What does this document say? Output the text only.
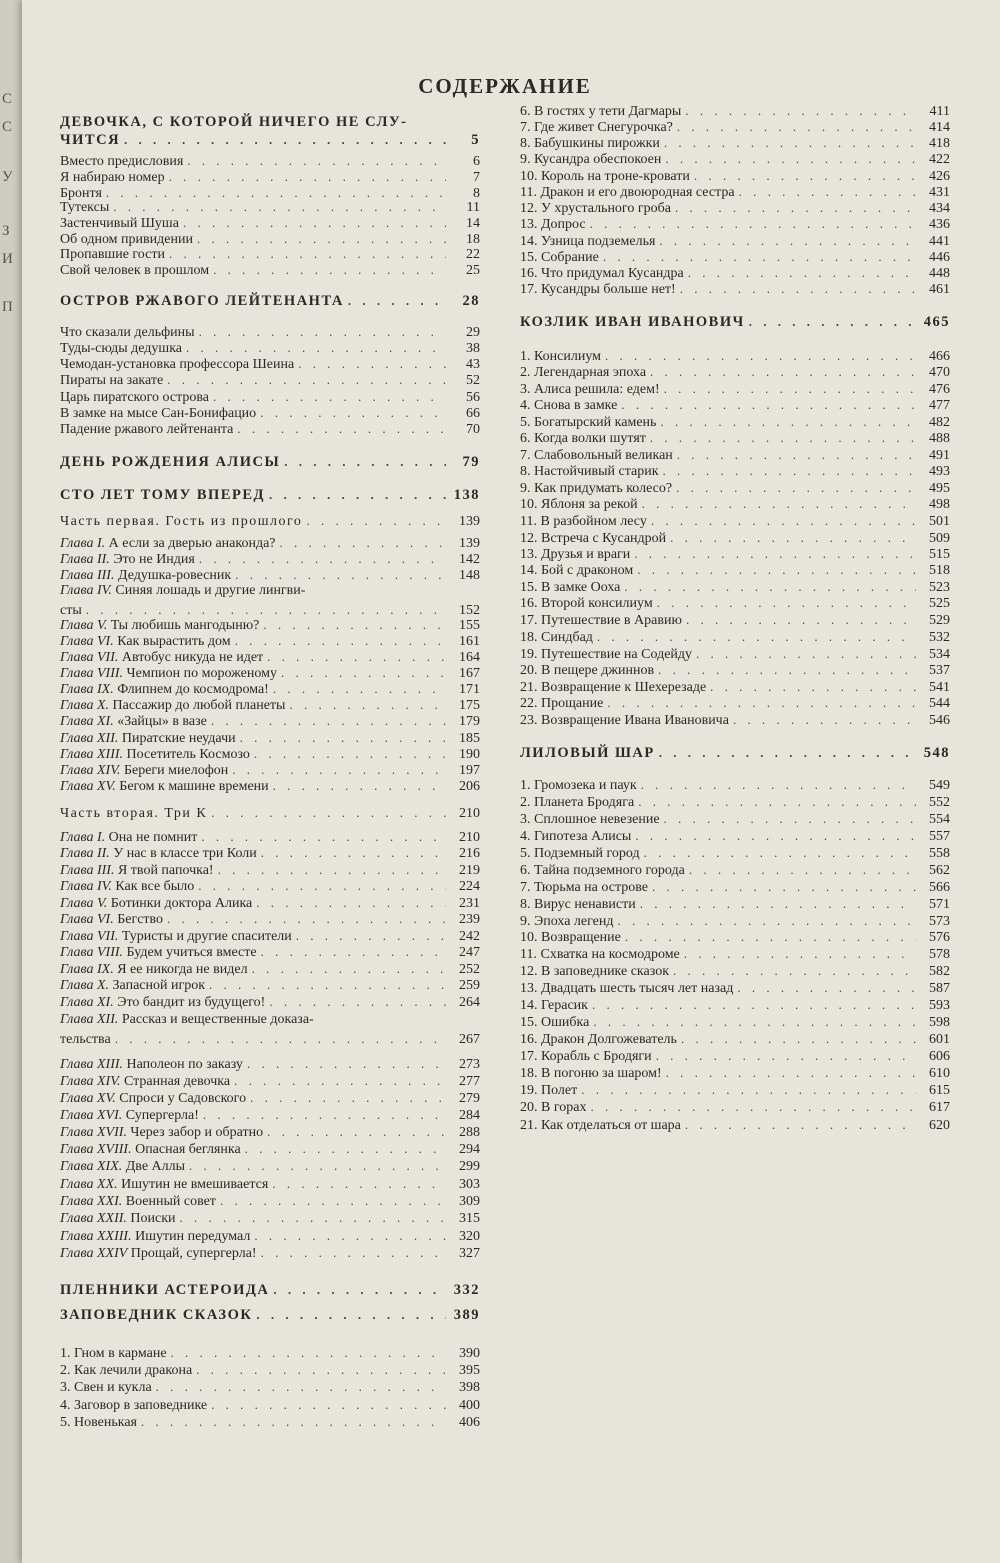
С
С
У
З
И
П
СОДЕРЖАНИЕ
ДЕВОЧКА, С КОТОРОЙ НИЧЕГО НЕ СЛУ-
ЧИТСЯ . . .	5
Вместо предисловия . . .	6
Я набираю номер . . .	7
Бронтя . . .	8
Тутексы . . .	11
Застенчивый Шуша . . .	14
Об одном привидении . . .	18
Пропавшие гости . . .	22
Свой человек в прошлом . . .	25
ОСТРОВ РЖАВОГО ЛЕЙТЕНАНТА . . .	28
Что сказали дельфины . . .	29
Туды-сюды дедушка . . .	38
Чемодан-установка профессора Шеина . . .	43
Пираты на закате . . .	52
Царь пиратского острова . . .	56
В замке на мысе Сан-Бонифацио . . .	66
Падение ржавого лейтенанта . . .	70
ДЕНЬ РОЖДЕНИЯ АЛИСЫ . . .	79
СТО ЛЕТ ТОМУ ВПЕРЕД . . .	138
Часть первая. Гость из прошлого . . .	139
Глава I. А если за дверью анаконда? . . .	139
Глава II. Это не Индия . . .	142
Глава III. Дедушка-ровесник . . .	148
Глава IV. Синяя лошадь и другие лингви-
сты . . .	152
Глава V. Ты любишь мангодыню? . . .	155
Глава VI. Как вырастить дом . . .	161
Глава VII. Автобус никуда не идет . . .	164
Глава VIII. Чемпион по мороженому . . .	167
Глава IX. Флипнем до космодрома! . . .	171
Глава X. Пассажир до любой планеты . . .	175
Глава XI. «Зайцы» в вазе . . .	179
Глава XII. Пиратские неудачи . . .	185
Глава XIII. Посетитель Космозо . . .	190
Глава XIV. Береги миелофон . . .	197
Глава XV. Бегом к машине времени . . .	206
Часть вторая. Три К . . .	210
Глава I. Она не помнит . . .	210
Глава II. У нас в классе три Коли . . .	216
Глава III. Я твой папочка! . . .	219
Глава IV. Как все было . . .	224
Глава V. Ботинки доктора Алика . . .	231
Глава VI. Бегство . . .	239
Глава VII. Туристы и другие спасители . . .	242
Глава VIII. Будем учиться вместе . . .	247
Глава IX. Я ее никогда не видел . . .	252
Глава X. Запасной игрок . . .	259
Глава XI. Это бандит из будущего! . . .	264
Глава XII. Рассказ и вещественные доказа-
тельства . . .	267
Глава XIII. Наполеон по заказу . . .	273
Глава XIV. Странная девочка . . .	277
Глава XV. Спроси у Садовского . . .	279
Глава XVI. Супергерла! . . .	284
Глава XVII. Через забор и обратно . . .	288
Глава XVIII. Опасная беглянка . . .	294
Глава XIX. Две Аллы . . .	299
Глава XX. Ишутин не вмешивается . . .	303
Глава XXI. Военный совет . . .	309
Глава XXII. Поиски . . .	315
Глава XXIII. Ишутин передумал . . .	320
Глава XXIV Прощай, супергерла! . . .	327
ПЛЕННИКИ АСТЕРОИДА . . .	332
ЗАПОВЕДНИК СКАЗОК . . .	389
1. Гном в кармане . . .	390
2. Как лечили дракона . . .	395
3. Свен и кукла . . .	398
4. Заговор в заповеднике . . .	400
5. Новенькая . . .	406
6. В гостях у тети Дагмары . . .	411
7. Где живет Снегурочка? . . .	414
8. Бабушкины пирожки . . .	418
9. Кусандра обеспокоен . . .	422
10. Король на троне-кровати . . .	426
11. Дракон и его двоюродная сестра . . .	431
12. У хрустального гроба . . .	434
13. Допрос . . .	436
14. Узница подземелья . . .	441
15. Собрание . . .	446
16. Что придумал Кусандра . . .	448
17. Кусандры больше нет! . . .	461
КОЗЛИК ИВАН ИВАНОВИЧ . . .	465
1. Консилиум . . .	466
2. Легендарная эпоха . . .	470
3. Алиса решила: едем! . . .	476
4. Снова в замке . . .	477
5. Богатырский камень . . .	482
6. Когда волки шутят . . .	488
7. Слабовольный великан . . .	491
8. Настойчивый старик . . .	493
9. Как придумать колесо? . . .	495
10. Яблоня за рекой . . .	498
11. В разбойном лесу . . .	501
12. Встреча с Кусандрой . . .	509
13. Друзья и враги . . .	515
14. Бой с драконом . . .	518
15. В замке Ооха . . .	523
16. Второй консилиум . . .	525
17. Путешествие в Аравию . . .	529
18. Синдбад . . .	532
19. Путешествие на Содейду . . .	534
20. В пещере джиннов . . .	537
21. Возвращение к Шехерезаде . . .	541
22. Прощание . . .	544
23. Возвращение Ивана Ивановича . . .	546
ЛИЛОВЫЙ ШАР . . .	548
1. Громозека и паук . . .	549
2. Планета Бродяга . . .	552
3. Сплошное невезение . . .	554
4. Гипотеза Алисы . . .	557
5. Подземный город . . .	558
6. Тайна подземного города . . .	562
7. Тюрьма на острове . . .	566
8. Вирус ненависти . . .	571
9. Эпоха легенд . . .	573
10. Возвращение . . .	576
11. Схватка на космодроме . . .	578
12. В заповеднике сказок . . .	582
13. Двадцать шесть тысяч лет назад . . .	587
14. Герасик . . .	593
15. Ошибка . . .	598
16. Дракон Долгожеватель . . .	601
17. Корабль с Бродяги . . .	606
18. В погоню за шаром! . . .	610
19. Полет . . .	615
20. В горах . . .	617
21. Как отделаться от шара . . .	620
